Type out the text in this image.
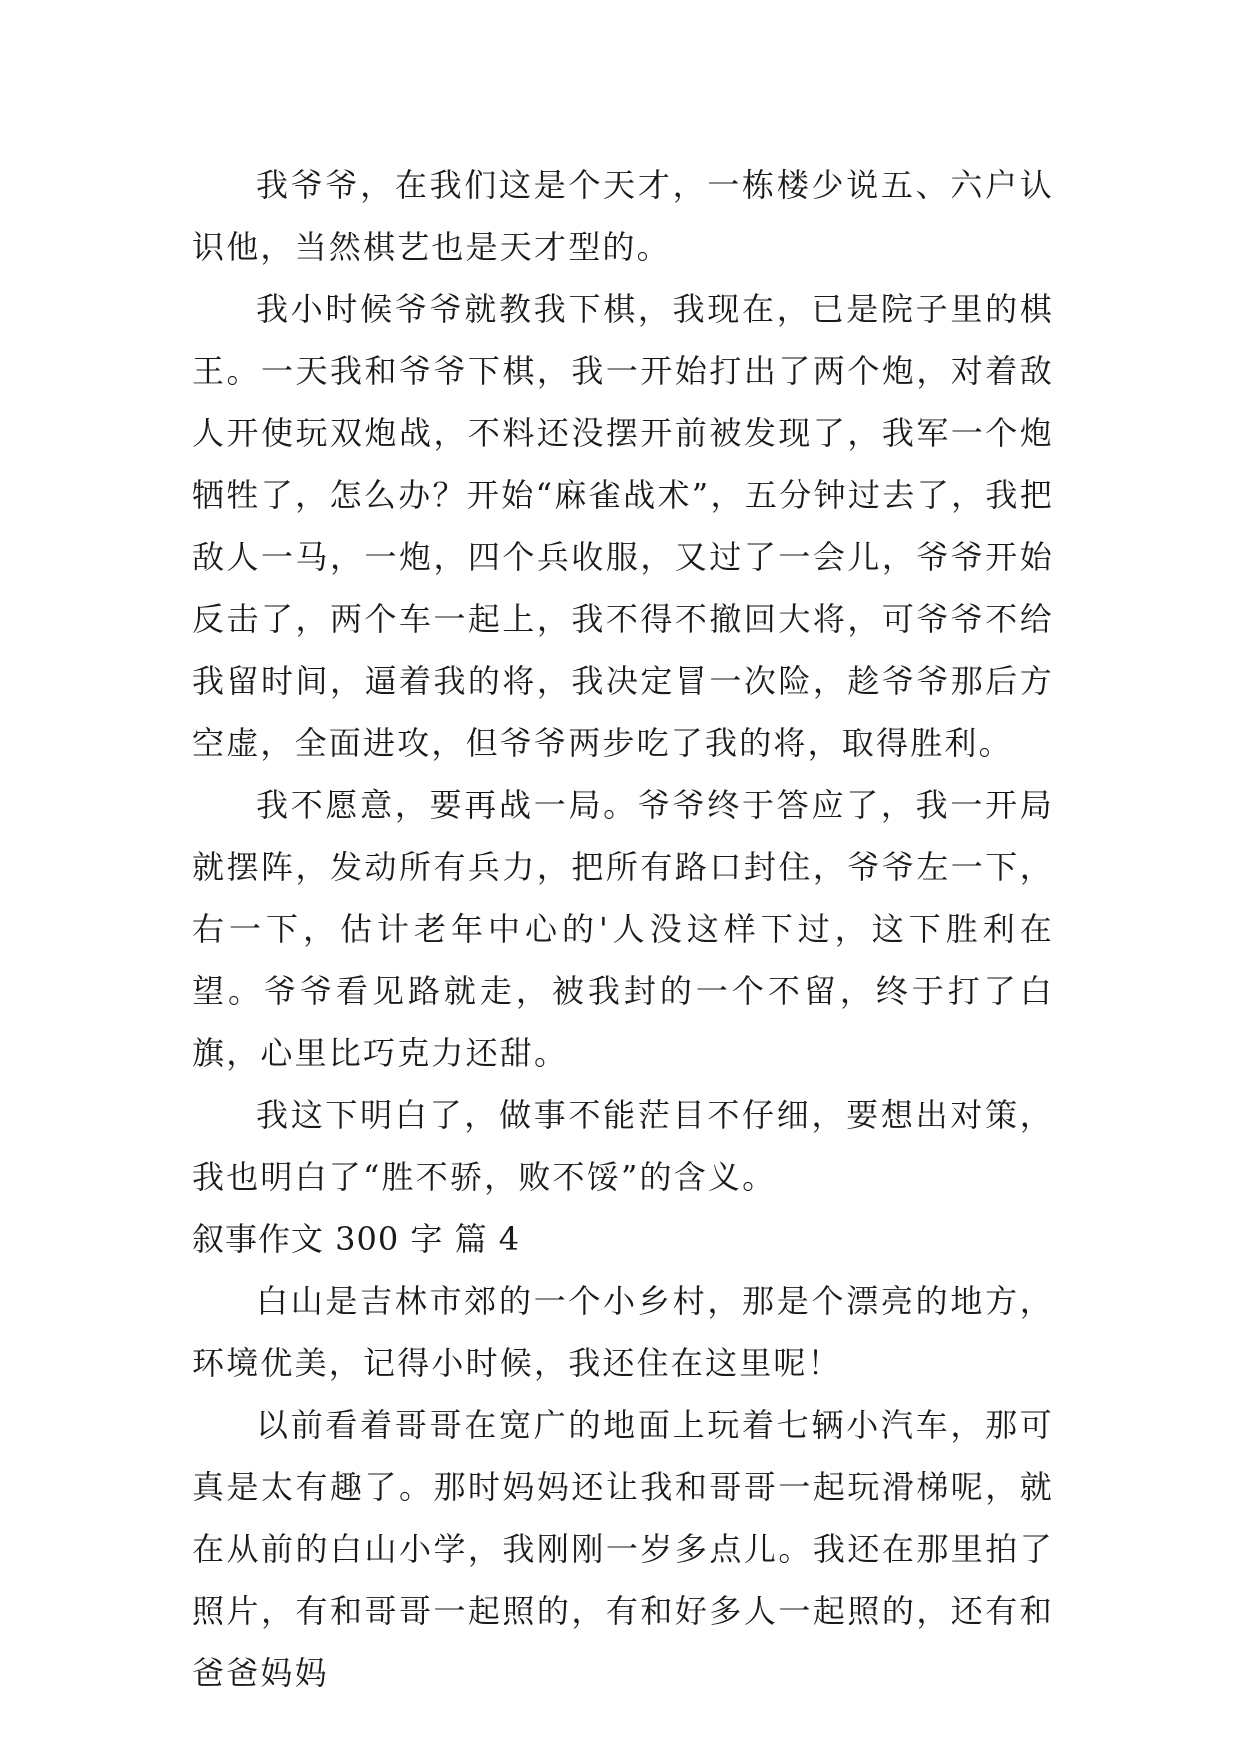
我爷爷，在我们这是个天才，一栋楼少说五、六户认识他，当然棋艺也是天才型的。

我小时候爷爷就教我下棋，我现在，已是院子里的棋王。一天我和爷爷下棋，我一开始打出了两个炮，对着敌人开使玩双炮战，不料还没摆开前被发现了，我军一个炮牺牲了，怎么办？开始“麻雀战术”，五分钟过去了，我把敌人一马，一炮，四个兵收服，又过了一会儿，爷爷开始反击了，两个车一起上，我不得不撤回大将，可爷爷不给我留时间，逼着我的将，我决定冒一次险，趁爷爷那后方空虚，全面进攻，但爷爷两步吃了我的将，取得胜利。

我不愿意，要再战一局。爷爷终于答应了，我一开局就摆阵，发动所有兵力，把所有路口封住，爷爷左一下，右一下，估计老年中心的'人没这样下过，这下胜利在望。爷爷看见路就走，被我封的一个不留，终于打了白旗，心里比巧克力还甜。

我这下明白了，做事不能茫目不仔细，要想出对策，我也明白了“胜不骄，败不馁”的含义。

叙事作文 300 字 篇 4

白山是吉林市郊的一个小乡村，那是个漂亮的地方，环境优美，记得小时候，我还住在这里呢！

以前看着哥哥在宽广的地面上玩着七辆小汽车，那可真是太有趣了。那时妈妈还让我和哥哥一起玩滑梯呢，就在从前的白山小学，我刚刚一岁多点儿。我还在那里拍了照片，有和哥哥一起照的，有和好多人一起照的，还有和爸爸妈妈
